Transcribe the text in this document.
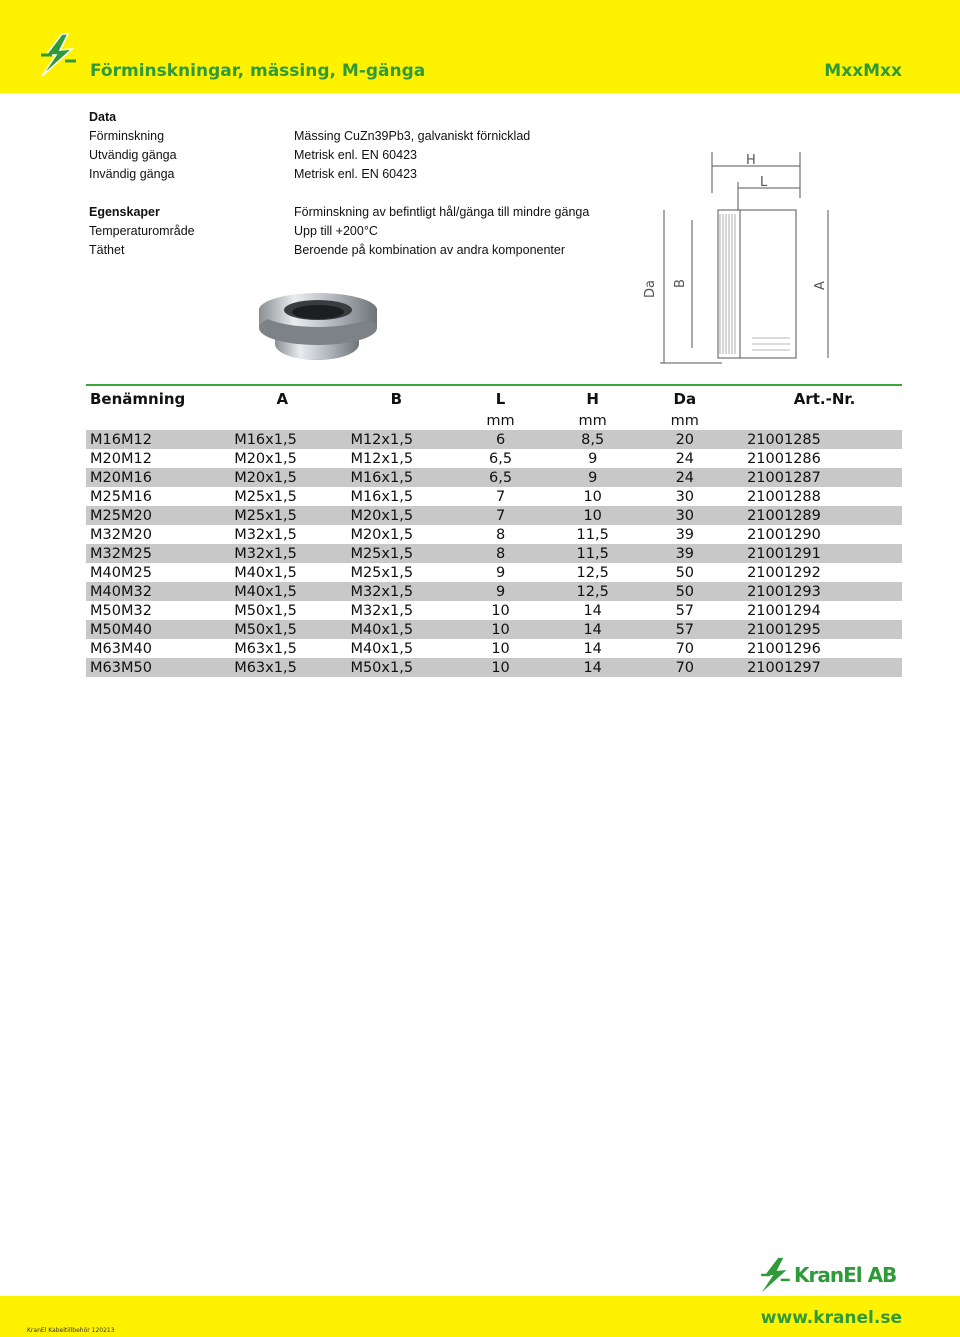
Förminskningar, mässing, M-gänga	MxxMxx
Data
Förminskning	Mässing CuZn39Pb3, galvaniskt förnicklad
Utvändig gänga	Metrisk enl. EN 60423
Invändig gänga	Metrisk enl. EN 60423
Egenskaper	Förminskning av befintligt hål/gänga till mindre gänga
Temperaturområde	Upp till +200°C
Täthet	Beroende på kombination av andra komponenter
H
L
Da B	A
Benämning	A	B	L	H	Da	Art.-Nr.
			mm	mm	mm	
M16M12	M16x1,5	M12x1,5	6	8,5	20	21001285
M20M12	M20x1,5	M12x1,5	6,5	9	24	21001286
M20M16	M20x1,5	M16x1,5	6,5	9	24	21001287
M25M16	M25x1,5	M16x1,5	7	10	30	21001288
M25M20	M25x1,5	M20x1,5	7	10	30	21001289
M32M20	M32x1,5	M20x1,5	8	11,5	39	21001290
M32M25	M32x1,5	M25x1,5	8	11,5	39	21001291
M40M25	M40x1,5	M25x1,5	9	12,5	50	21001292
M40M32	M40x1,5	M32x1,5	9	12,5	50	21001293
M50M32	M50x1,5	M32x1,5	10	14	57	21001294
M50M40	M50x1,5	M40x1,5	10	14	57	21001295
M63M40	M63x1,5	M40x1,5	10	14	70	21001296
M63M50	M63x1,5	M50x1,5	10	14	70	21001297
KranEl AB
KranEl Kabeltillbehör 120213
www.kranel.se
